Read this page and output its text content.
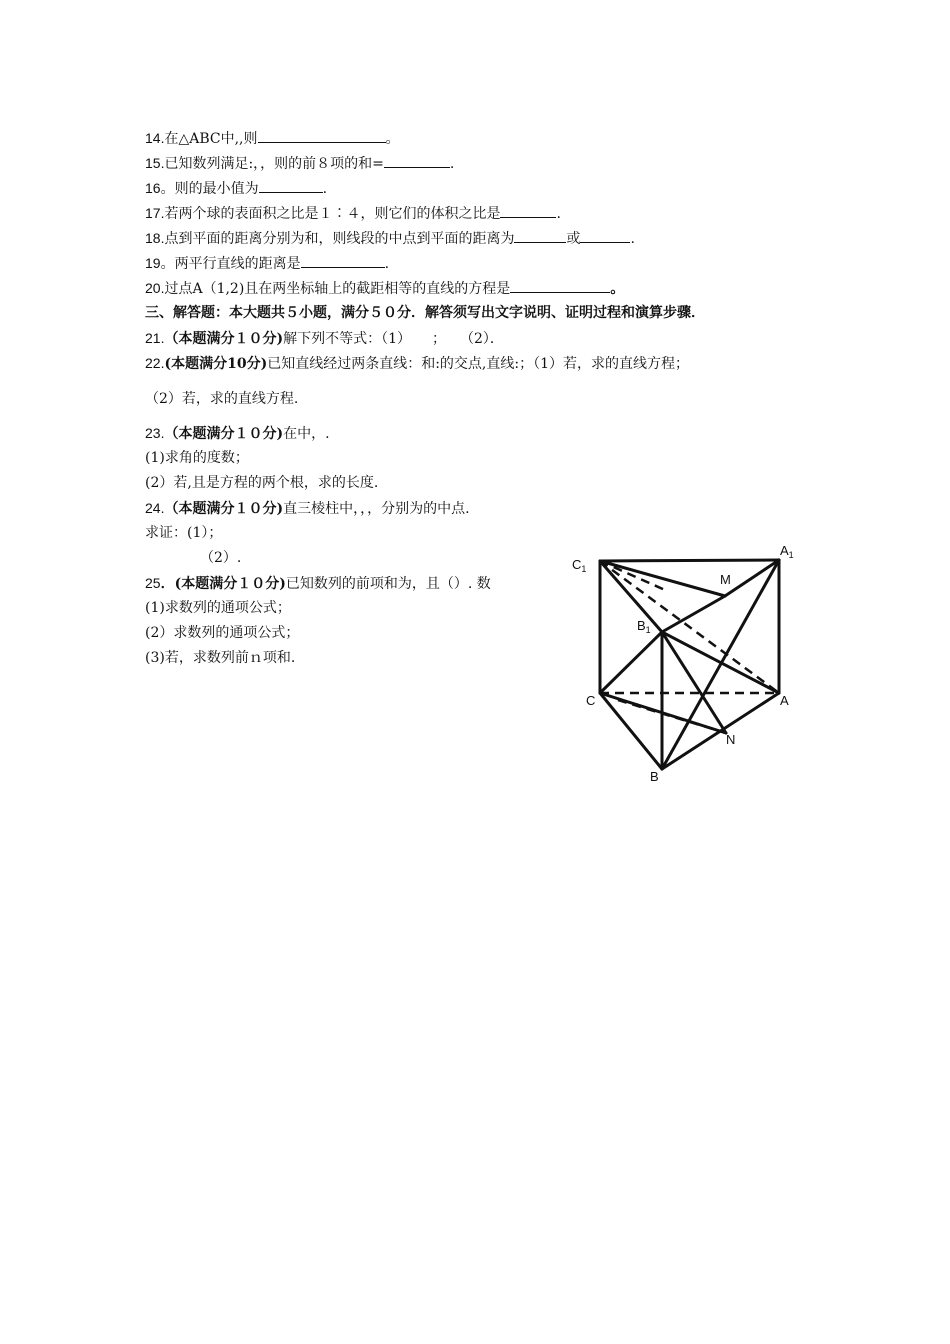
14.在△ABC中,,则	。
15.已知数列满足:，，则的前８项的和=	.
16。则的最小值为	.
17.若两个球的表面积之比是１∶４，则它们的体积之比是	.
18.点到平面的距离分别为和，则线段的中点到平面的距离为	或	.
19。两平行直线的距离是	.
20.过点A（1,2)且在两坐标轴上的截距相等的直线的方程是	。
三、解答题：本大题共５小题，满分５０分．解答须写出文字说明、证明过程和演算步骤．
21.（本题满分１０分)解下列不等式：（1）　　；　　（2）．
22.(本题满分10分)已知直线经过两条直线：和:的交点,直线:；（1）若，求的直线方程；
（2）若，求的直线方程.
23.（本题满分１０分)在中，.
(1)求角的度数；
(2）若,且是方程的两个根，求的长度.
24.（本题满分１０分)直三棱柱中，，，分别为的中点.
求证：(1）；
（2）.
25．(本题满分１０分)已知数列的前项和为，且（）. 数
(1)求数列的通项公式；
(2）求数列的通项公式；
(3)若，求数列前ｎ项和.
$C_1$
$A_1$
M
$B_1$
C	A
N
B
